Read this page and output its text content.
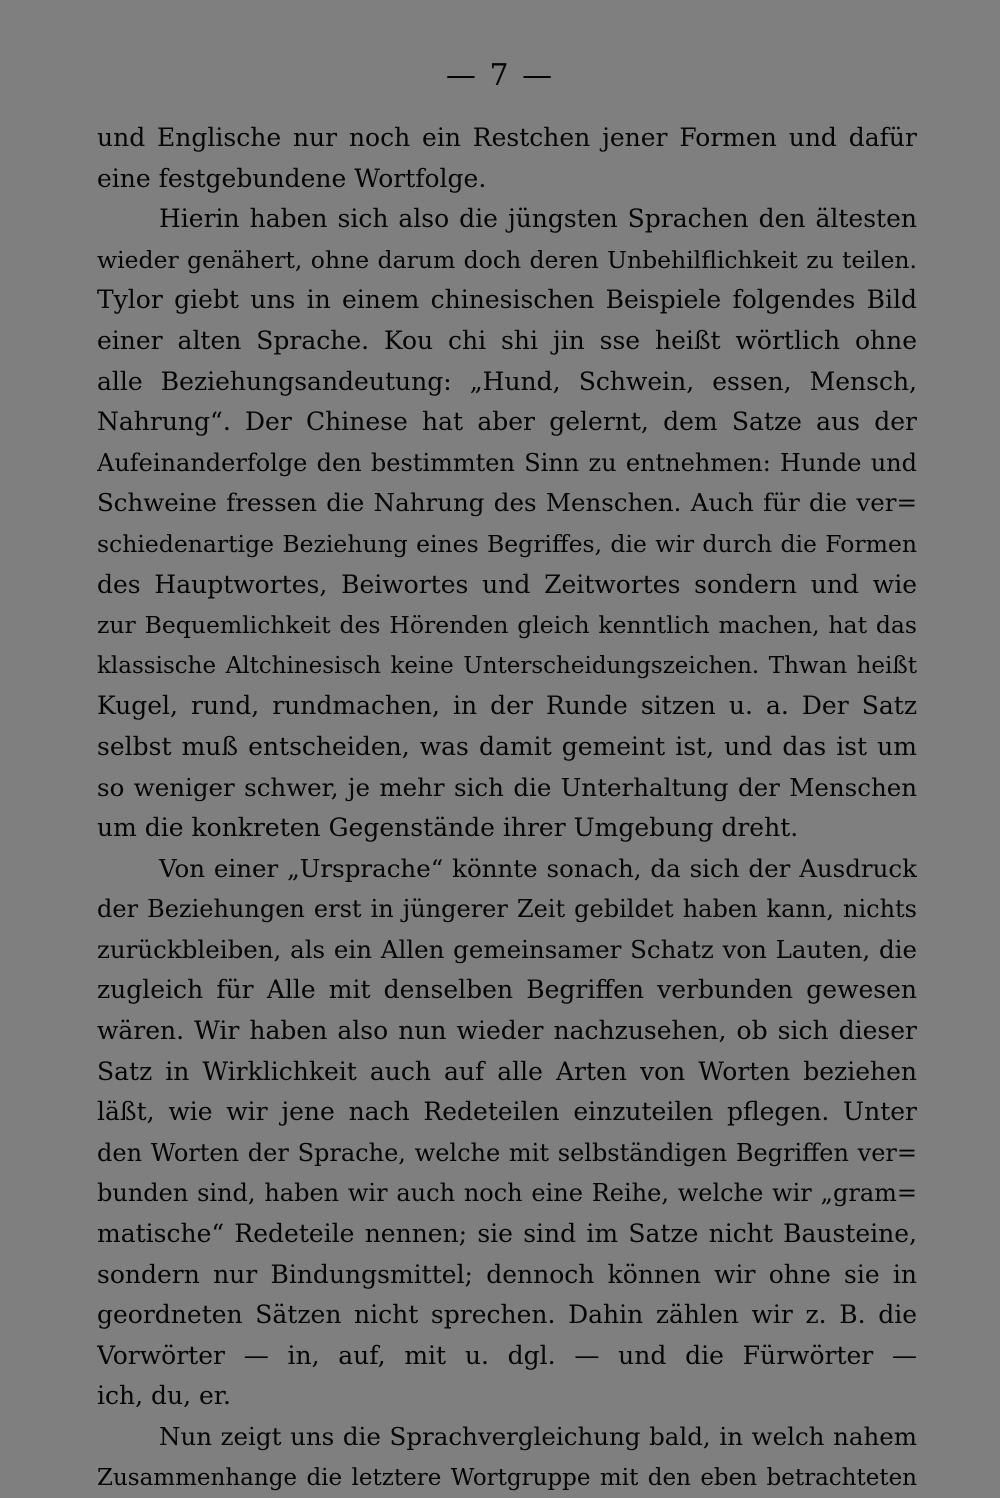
— 7 —
und Englische nur noch ein Restchen jener Formen und dafür
eine festgebundene Wortfolge.
Hierin haben sich also die jüngsten Sprachen den ältesten
wieder genähert, ohne darum doch deren Unbehilflichkeit zu teilen.
Tylor giebt uns in einem chinesischen Beispiele folgendes Bild
einer alten Sprache. Kou chi shi jin sse heißt wörtlich ohne
alle Beziehungsandeutung: „Hund, Schwein, essen, Mensch,
Nahrung“. Der Chinese hat aber gelernt, dem Satze aus der
Aufeinanderfolge den bestimmten Sinn zu entnehmen: Hunde und
Schweine fressen die Nahrung des Menschen. Auch für die ver=
schiedenartige Beziehung eines Begriffes, die wir durch die Formen
des Hauptwortes, Beiwortes und Zeitwortes sondern und wie
zur Bequemlichkeit des Hörenden gleich kenntlich machen, hat das
klassische Altchinesisch keine Unterscheidungszeichen. Thwan heißt
Kugel, rund, rundmachen, in der Runde sitzen u. a. Der Satz
selbst muß entscheiden, was damit gemeint ist, und das ist um
so weniger schwer, je mehr sich die Unterhaltung der Menschen
um die konkreten Gegenstände ihrer Umgebung dreht.
Von einer „Ursprache“ könnte sonach, da sich der Ausdruck
der Beziehungen erst in jüngerer Zeit gebildet haben kann, nichts
zurückbleiben, als ein Allen gemeinsamer Schatz von Lauten, die
zugleich für Alle mit denselben Begriffen verbunden gewesen
wären. Wir haben also nun wieder nachzusehen, ob sich dieser
Satz in Wirklichkeit auch auf alle Arten von Worten beziehen
läßt, wie wir jene nach Redeteilen einzuteilen pflegen. Unter
den Worten der Sprache, welche mit selbständigen Begriffen ver=
bunden sind, haben wir auch noch eine Reihe, welche wir „gram=
matische“ Redeteile nennen; sie sind im Satze nicht Bausteine,
sondern nur Bindungsmittel; dennoch können wir ohne sie in
geordneten Sätzen nicht sprechen. Dahin zählen wir z. B. die
Vorwörter — in, auf, mit u. dgl. — und die Fürwörter —
ich, du, er.
Nun zeigt uns die Sprachvergleichung bald, in welch nahem
Zusammenhange die letztere Wortgruppe mit den eben betrachteten
